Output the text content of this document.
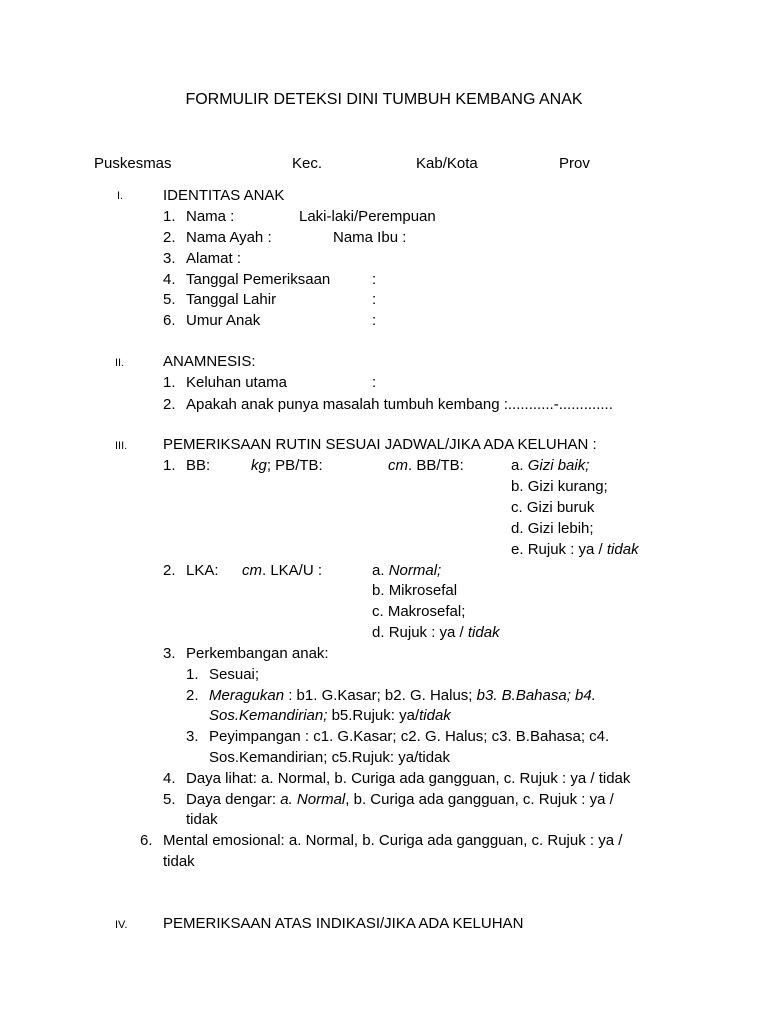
FORMULIR DETEKSI DINI TUMBUH KEMBANG ANAK
Puskesmas	Kec.	Kab/Kota	Prov
I.	IDENTITAS ANAK
1. Nama :	Laki-laki/Perempuan
2. Nama Ayah :	Nama Ibu :
3. Alamat :
4. Tanggal Pemeriksaan	:
5. Tanggal Lahir	:
6. Umur Anak	:
II.	ANAMNESIS:
1. Keluhan utama	:
2. Apakah anak punya masalah tumbuh kembang :...........-.............
III. PEMERIKSAAN RUTIN SESUAI JADWAL/JIKA ADA KELUHAN :
1. BB:	kg; PB/TB:	cm. BB/TB:	a. Gizi baik;
b. Gizi kurang;
c. Gizi buruk
d. Gizi lebih;
e. Rujuk : ya / tidak
2. LKA: cm. LKA/U :	a. Normal;
b. Mikrosefal
c. Makrosefal;
d. Rujuk : ya / tidak
3. Perkembangan anak:
1. Sesuai;
2. Meragukan : b1. G.Kasar; b2. G. Halus; b3. B.Bahasa; b4.
Sos.Kemandirian; b5.Rujuk: ya/tidak
3. Peyimpangan : c1. G.Kasar; c2. G. Halus; c3. B.Bahasa; c4.
Sos.Kemandirian; c5.Rujuk: ya/tidak
4. Daya lihat: a. Normal, b. Curiga ada gangguan, c. Rujuk : ya / tidak
5. Daya dengar: a. Normal, b. Curiga ada gangguan, c. Rujuk : ya /
tidak
6. Mental emosional: a. Normal, b. Curiga ada gangguan, c. Rujuk : ya /
tidak
IV. PEMERIKSAAN ATAS INDIKASI/JIKA ADA KELUHAN
